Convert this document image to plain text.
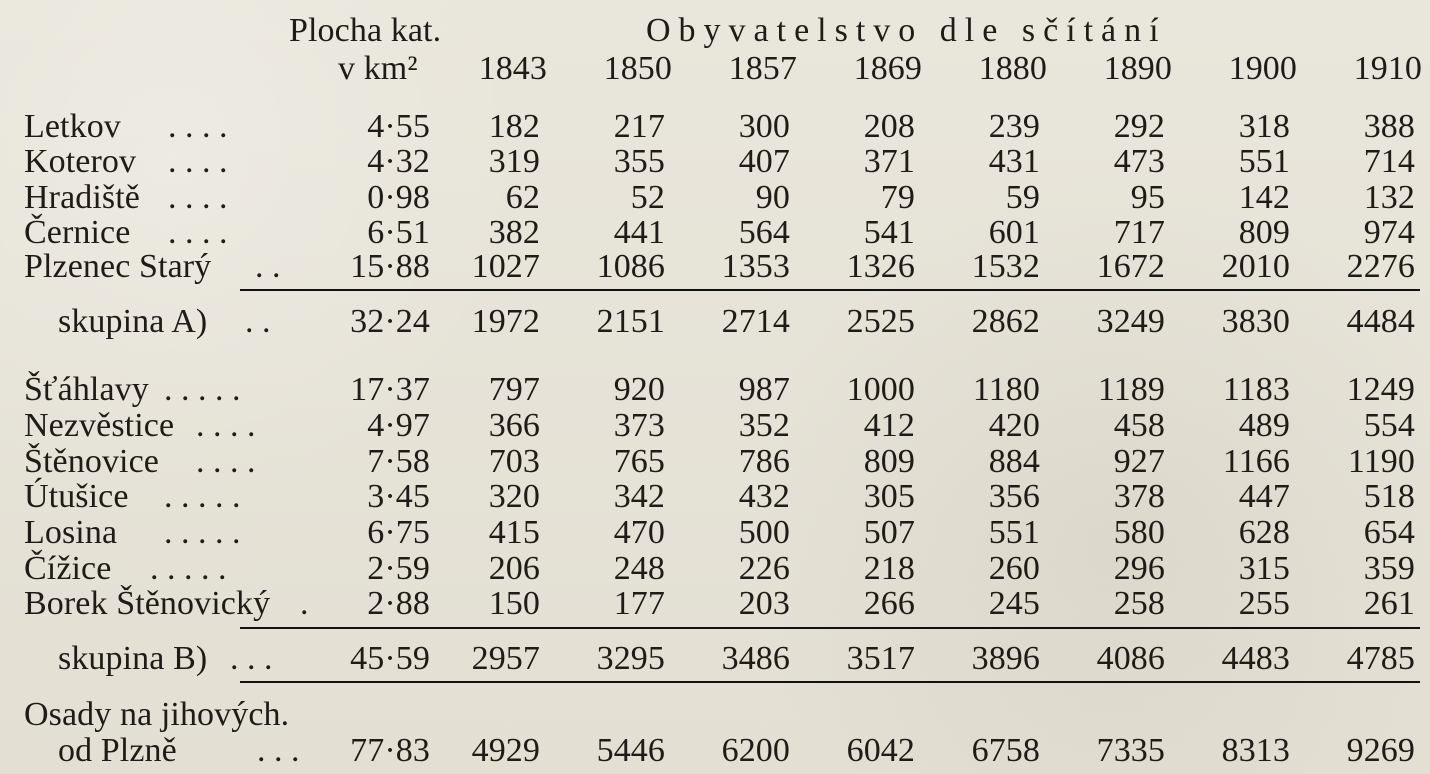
Plocha kat.	Obyvatelstvo dle sčítání
v km²	1843	1850	1857	1869	1880	1890	1900	1910
Letkov . . . .	4·55	182	217	300	208	239	292	318	388
Koterov . . . .	4·32	319	355	407	371	431	473	551	714
Hradiště . . . .	0·98	62	52	90	79	59	95	142	132
Černice . . . .	6·51	382	441	564	541	601	717	809	974
Plzenec Starý . . 15·88	1027	1086	1353	1326	1532	1672	2010	2276
skupina A) . . 32·24	1972	2151	2714	2525	2862	3249	3830	4484
Šťáhlavy . . . . .	17·37	797	920	987	1000	1180	1189	1183	1249
Nezvěstice . . . .	4·97	366	373	352	412	420	458	489	554
Štěnovice . . . .	7·58	703	765	786	809	884	927	1166	1190
Útušice . . . . .	3·45	320	342	432	305	356	378	447	518
Losina . . . . .	6·75	415	470	500	507	551	580	628	654
Čížice . . . . .	2·59	206	248	226	218	260	296	315	359
Borek Štěnovický .	2·88	150	177	203	266	245	258	255	261
skupina B) . . . 45·59	2957	3295	3486	3517	3896	4086	4483	4785
Osady na jihových.
od Plzně . . . 77·83	4929	5446	6200	6042	6758	7335	8313	9269
